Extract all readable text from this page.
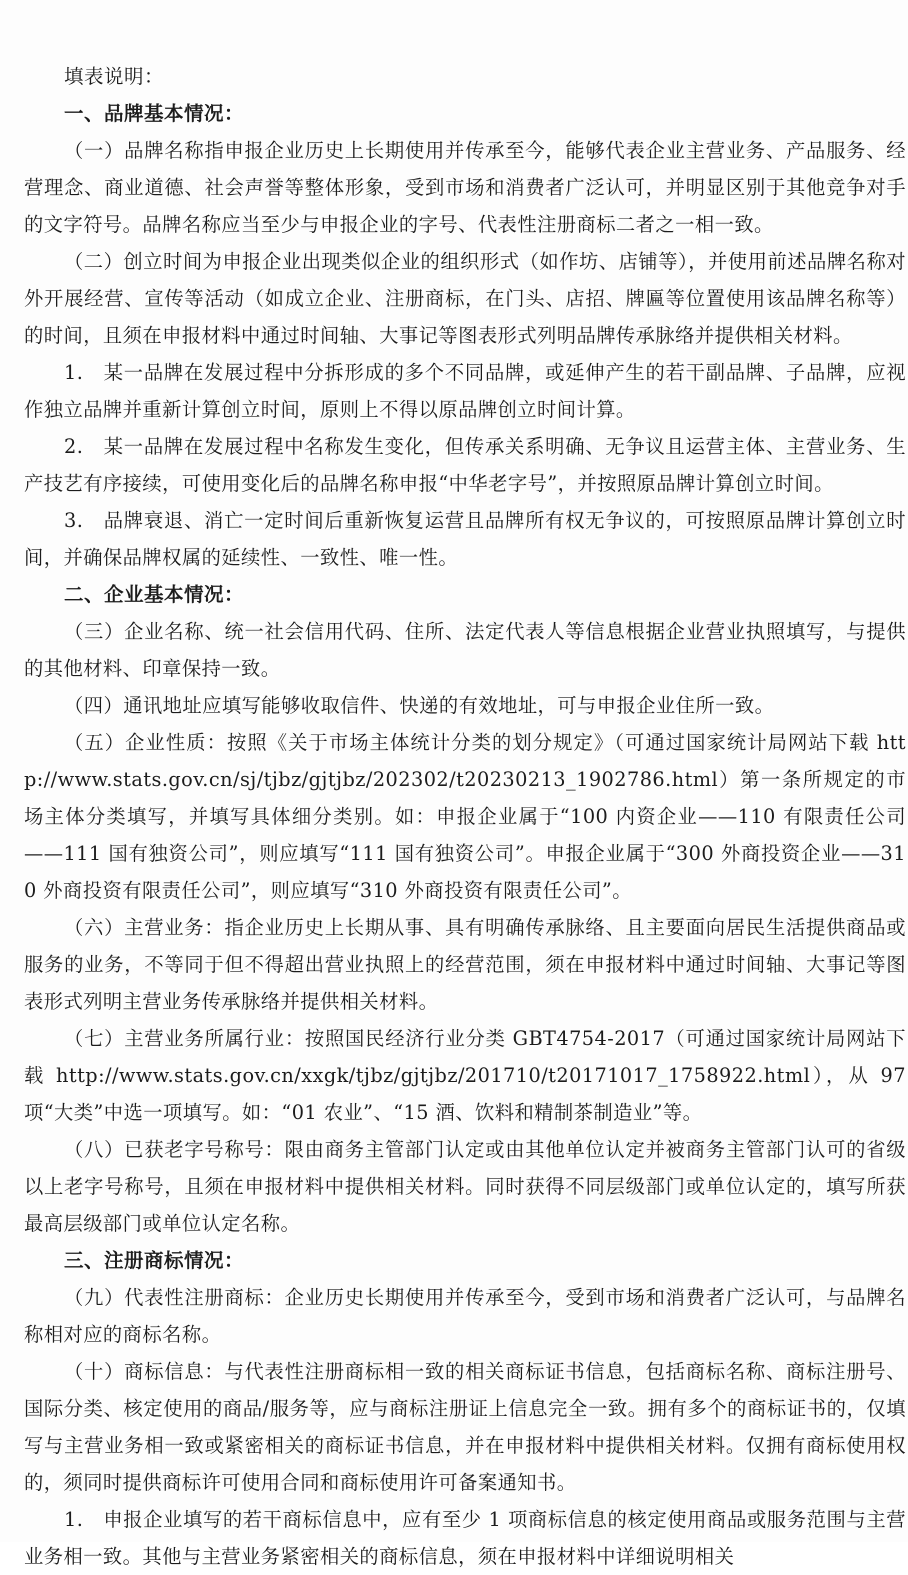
填表说明：
一、品牌基本情况：

（一）品牌名称指申报企业历史上长期使用并传承至今，能够代表企业主营业务、产品服务、经营理念、商业道德、社会声誉等整体形象，受到市场和消费者广泛认可，并明显区别于其他竞争对手的文字符号。品牌名称应当至少与申报企业的字号、代表性注册商标二者之一相一致。

（二）创立时间为申报企业出现类似企业的组织形式（如作坊、店铺等），并使用前述品牌名称对外开展经营、宣传等活动（如成立企业、注册商标，在门头、店招、牌匾等位置使用该品牌名称等）的时间，且须在申报材料中通过时间轴、大事记等图表形式列明品牌传承脉络并提供相关材料。

1.　某一品牌在发展过程中分拆形成的多个不同品牌，或延伸产生的若干副品牌、子品牌，应视作独立品牌并重新计算创立时间，原则上不得以原品牌创立时间计算。

2.　某一品牌在发展过程中名称发生变化，但传承关系明确、无争议且运营主体、主营业务、生产技艺有序接续，可使用变化后的品牌名称申报“中华老字号”，并按照原品牌计算创立时间。

3.　品牌衰退、消亡一定时间后重新恢复运营且品牌所有权无争议的，可按照原品牌计算创立时间，并确保品牌权属的延续性、一致性、唯一性。

二、企业基本情况：

（三）企业名称、统一社会信用代码、住所、法定代表人等信息根据企业营业执照填写，与提供的其他材料、印章保持一致。

（四）通讯地址应填写能够收取信件、快递的有效地址，可与申报企业住所一致。

（五）企业性质：按照《关于市场主体统计分类的划分规定》（可通过国家统计局网站下载 http://www.stats.gov.cn/sj/tjbz/gjtjbz/202302/t20230213_1902786.html）第一条所规定的市场主体分类填写，并填写具体细分类别。如：申报企业属于“100 内资企业——110 有限责任公司——111 国有独资公司”，则应填写“111 国有独资公司”。申报企业属于“300 外商投资企业——310 外商投资有限责任公司”，则应填写“310 外商投资有限责任公司”。

（六）主营业务：指企业历史上长期从事、具有明确传承脉络、且主要面向居民生活提供商品或服务的业务，不等同于但不得超出营业执照上的经营范围，须在申报材料中通过时间轴、大事记等图表形式列明主营业务传承脉络并提供相关材料。

（七）主营业务所属行业：按照国民经济行业分类 GBT4754-2017（可通过国家统计局网站下载 http://www.stats.gov.cn/xxgk/tjbz/gjtjbz/201710/t20171017_1758922.html），从 97 项“大类”中选一项填写。如：“01 农业”、“15 酒、饮料和精制茶制造业”等。

（八）已获老字号称号：限由商务主管部门认定或由其他单位认定并被商务主管部门认可的省级以上老字号称号，且须在申报材料中提供相关材料。同时获得不同层级部门或单位认定的，填写所获最高层级部门或单位认定名称。

三、注册商标情况：

（九）代表性注册商标：企业历史长期使用并传承至今，受到市场和消费者广泛认可，与品牌名称相对应的商标名称。

（十）商标信息：与代表性注册商标相一致的相关商标证书信息，包括商标名称、商标注册号、国际分类、核定使用的商品/服务等，应与商标注册证上信息完全一致。拥有多个的商标证书的，仅填写与主营业务相一致或紧密相关的商标证书信息，并在申报材料中提供相关材料。仅拥有商标使用权的，须同时提供商标许可使用合同和商标使用许可备案通知书。

1.　申报企业填写的若干商标信息中，应有至少 1 项商标信息的核定使用商品或服务范围与主营业务相一致。其他与主营业务紧密相关的商标信息，须在申报材料中详细说明相关
